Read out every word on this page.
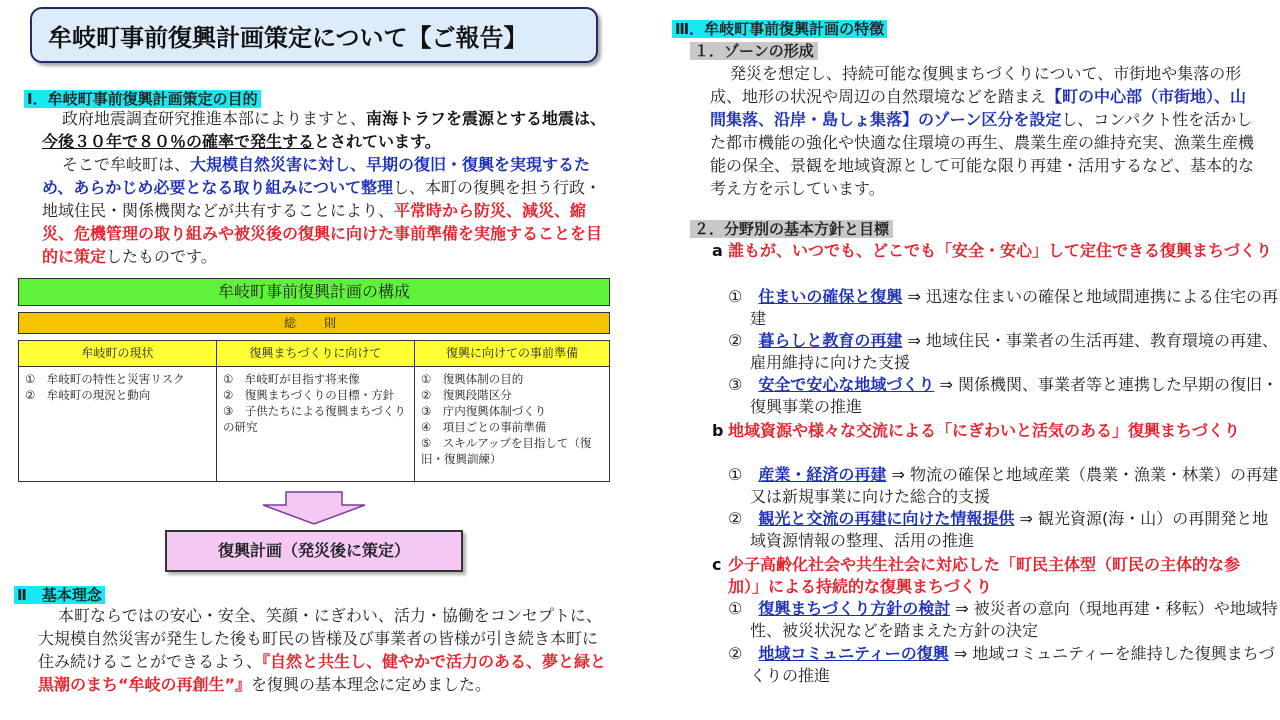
牟岐町事前復興計画策定について【ご報告】
Ⅰ．牟岐町事前復興計画策定の目的
政府地震調査研究推進本部によりますと、南海トラフを震源とする地震は、今後３０年で８０％の確率で発生するとされています。
そこで牟岐町は、大規模自然災害に対し、早期の復旧・復興を実現するため、あらかじめ必要となる取り組みについて整理し、本町の復興を担う行政・地域住民・関係機関などが共有することにより、平常時から防災、減災、縮災、危機管理の取り組みや被災後の復興に向けた事前準備を実施することを目的に策定したものです。
牟岐町事前復興計画の構成
総　則
牟岐町の現状	復興まちづくりに向けて	復興に向けての事前準備
①　牟岐町の特性と災害リスク
②　牟岐町の現況と動向
①　牟岐町が目指す将来像
②　復興まちづくりの目標・方針
③　子供たちによる復興まちづくりの研究
①　復興体制の目的
②　復興段階区分
③　庁内復興体制づくり
④　項目ごとの事前準備
⑤　スキルアップを目指して（復旧・復興訓練）
復興計画（発災後に策定）
Ⅱ　基本理念
本町ならではの安心・安全、笑顔・にぎわい、活力・協働をコンセプトに、大規模自然災害が発生した後も町民の皆様及び事業者の皆様が引き続き本町に住み続けることができるよう、『自然と共生し、健やかで活力のある、夢と緑と黒潮のまち“牟岐の再創生”』を復興の基本理念に定めました。
Ⅲ．牟岐町事前復興計画の特徴
１．ゾーンの形成
発災を想定し、持続可能な復興まちづくりについて、市街地や集落の形成、地形の状況や周辺の自然環境などを踏まえ【町の中心部（市街地）、山間集落、沿岸・島しょ集落】のゾーン区分を設定し、コンパクト性を活かした都市機能の強化や快適な住環境の再生、農業生産の維持充実、漁業生産機能の保全、景観を地域資源として可能な限り再建・活用するなど、基本的な考え方を示しています。
２．分野別の基本方針と目標
a 誰もが、いつでも、どこでも「安全・安心」して定住できる復興まちづくり
①　 住まいの確保と復興 ⇒ 迅速な住まいの確保と地域間連携による住宅の再建
②　 暮らしと教育の再建 ⇒ 地域住民・事業者の生活再建、教育環境の再建、雇用維持に向けた支援
③　 安全で安心な地域づくり ⇒ 関係機関、事業者等と連携した早期の復旧・復興事業の推進
b 地域資源や様々な交流による「にぎわいと活気のある」復興まちづくり
①　 産業・経済の再建 ⇒ 物流の確保と地域産業（農業・漁業・林業）の再建又は新規事業に向けた総合的支援
②　 観光と交流の再建に向けた情報提供 ⇒ 観光資源(海・山）の再開発と地域資源情報の整理、活用の推進
c 少子高齢化社会や共生社会に対応した「町民主体型（町民の主体的な参加）」による持続的な復興まちづくり
①　 復興まちづくり方針の検討 ⇒ 被災者の意向（現地再建・移転）や地域特性、被災状況などを踏まえた方針の決定
②　 地域コミュニティーの復興 ⇒ 地域コミュニティーを維持した復興まちづくりの推進
